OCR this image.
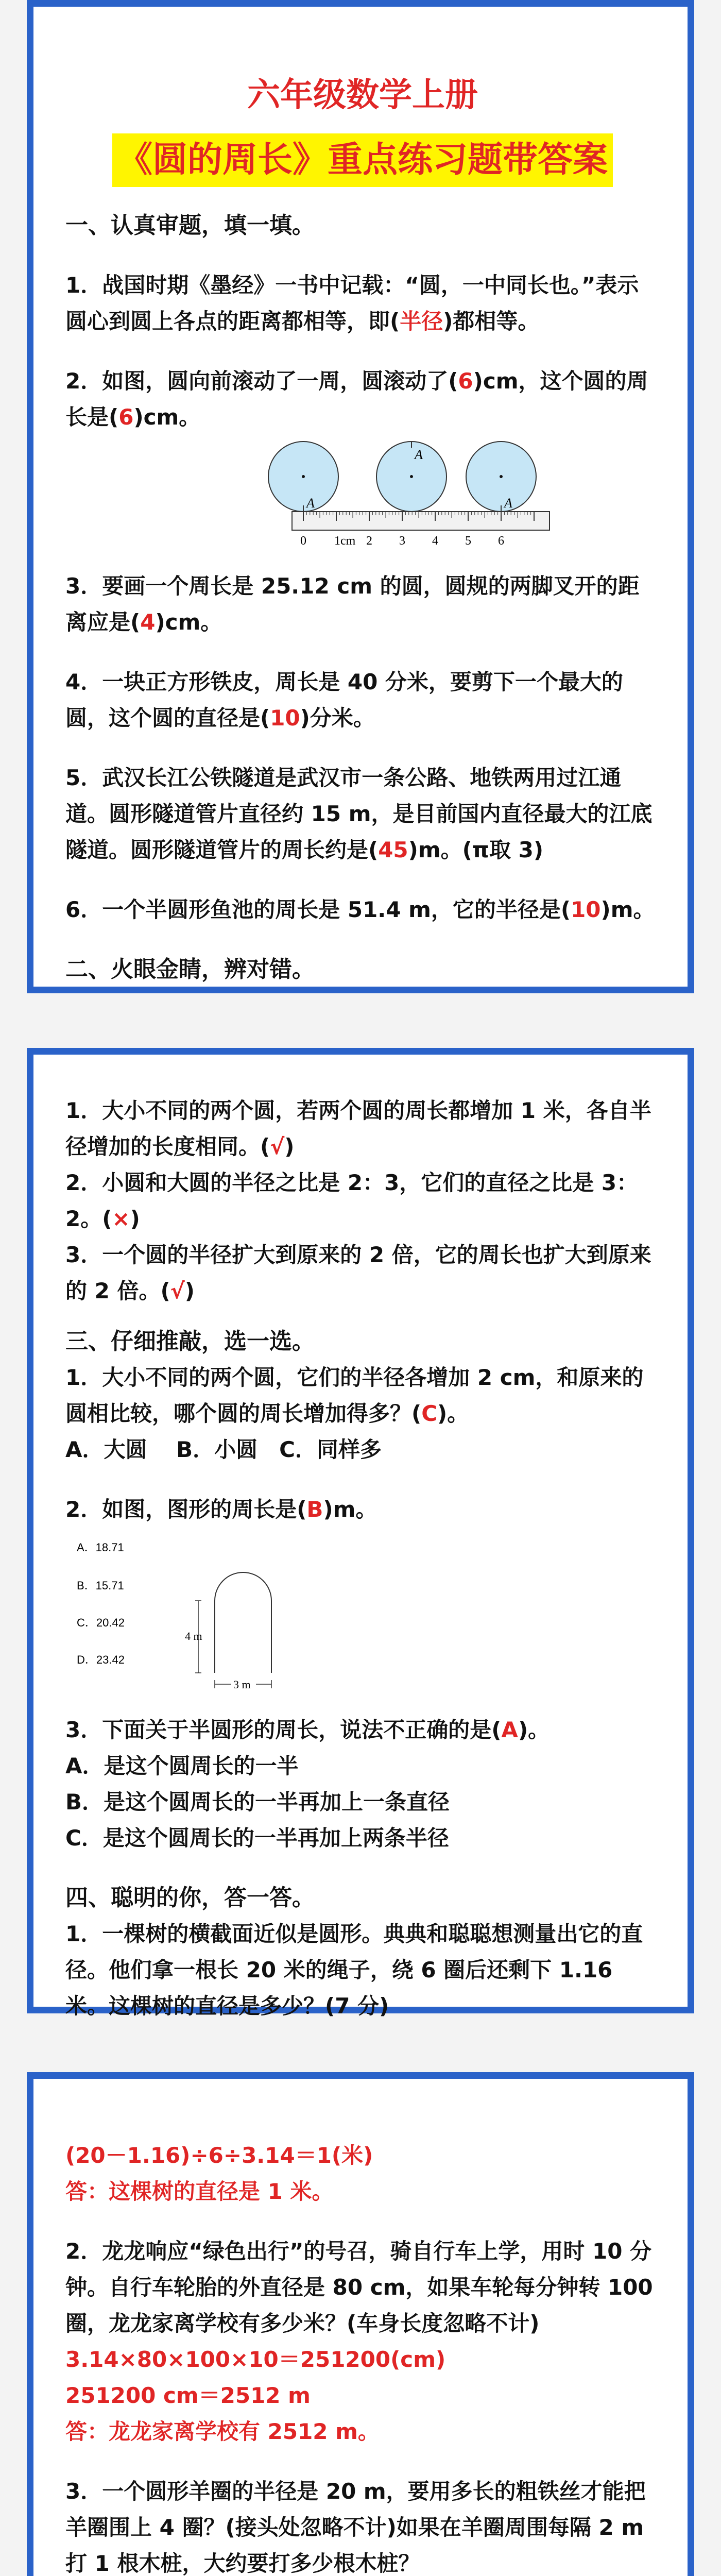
六年级数学上册
《圆的周长》重点练习题带答案

一、认真审题，填一填。

1．战国时期《墨经》一书中记载：“圆，一中同长也。”表示圆心到圆上各点的距离都相等，即(半径)都相等。

2．如图，圆向前滚动了一周，圆滚动了(6)cm，这个圆的周长是(6)cm。

A
A
A
0 1cm 2 3 4 5 6

3．要画一个周长是 25.12 cm 的圆，圆规的两脚叉开的距离应是(4)cm。

4．一块正方形铁皮，周长是 40 分米，要剪下一个最大的圆，这个圆的直径是(10)分米。

5．武汉长江公铁隧道是武汉市一条公路、地铁两用过江通道。圆形隧道管片直径约 15 m，是目前国内直径最大的江底隧道。圆形隧道管片的周长约是(45)m。(π取 3)

6．一个半圆形鱼池的周长是 51.4 m，它的半径是(10)m。

二、火眼金睛，辨对错。

1．大小不同的两个圆，若两个圆的周长都增加 1 米，各自半径增加的长度相同。(√)

2．小圆和大圆的半径之比是 2：3，它们的直径之比是 3：2。(×)

3．一个圆的半径扩大到原来的 2 倍，它的周长也扩大到原来的 2 倍。(√)

三、仔细推敲，选一选。

1．大小不同的两个圆，它们的半径各增加 2 cm，和原来的圆相比较，哪个圆的周长增加得多？(C)。

A．大圆　 B．小圆　C．同样多

2．如图，图形的周长是(B)m。

A．18.71
B．15.71
C．20.42
D．23.42
4 m
3 m

3．下面关于半圆形的周长，说法不正确的是(A)。

A．是这个圆周长的一半

B．是这个圆周长的一半再加上一条直径

C．是这个圆周长的一半再加上两条半径

四、聪明的你，答一答。

1．一棵树的横截面近似是圆形。典典和聪聪想测量出它的直径。他们拿一根长 20 米的绳子，绕 6 圈后还剩下 1.16 米。这棵树的直径是多少？(7 分)

(20－1.16)÷6÷3.14＝1(米)

答：这棵树的直径是 1 米。

2．龙龙响应“绿色出行”的号召，骑自行车上学，用时 10 分钟。自行车轮胎的外直径是 80 cm，如果车轮每分钟转 100 圈，龙龙家离学校有多少米？(车身长度忽略不计)

3.14×80×100×10＝251200(cm)

251200 cm＝2512 m

答：龙龙家离学校有 2512 m。

3．一个圆形羊圈的半径是 20 m，要用多长的粗铁丝才能把羊圈围上 4 圈？(接头处忽略不计)如果在羊圈周围每隔 2 m 打 1 根木桩，大约要打多少根木桩？
